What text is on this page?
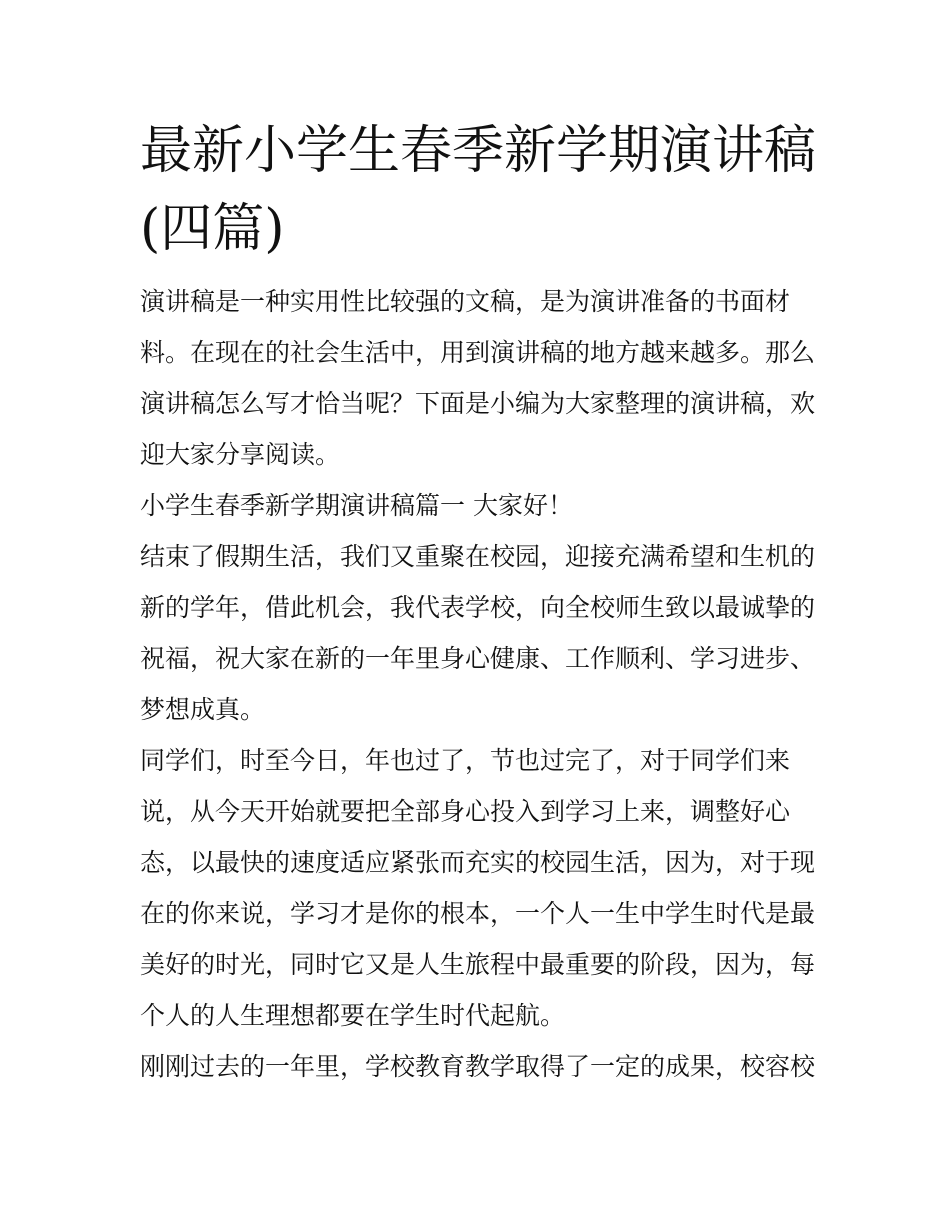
最新小学生春季新学期演讲稿(四篇)

演讲稿是一种实用性比较强的文稿，是为演讲准备的书面材料。在现在的社会生活中，用到演讲稿的地方越来越多。那么演讲稿怎么写才恰当呢？下面是小编为大家整理的演讲稿，欢迎大家分享阅读。

小学生春季新学期演讲稿篇一 大家好！

结束了假期生活，我们又重聚在校园，迎接充满希望和生机的新的学年，借此机会，我代表学校，向全校师生致以最诚挚的祝福，祝大家在新的一年里身心健康、工作顺利、学习进步、梦想成真。

同学们，时至今日，年也过了，节也过完了，对于同学们来说，从今天开始就要把全部身心投入到学习上来，调整好心态，以最快的速度适应紧张而充实的校园生活，因为，对于现在的你来说，学习才是你的根本，一个人一生中学生时代是最美好的时光，同时它又是人生旅程中最重要的阶段，因为，每个人的人生理想都要在学生时代起航。

刚刚过去的一年里，学校教育教学取得了一定的成果，校容校
